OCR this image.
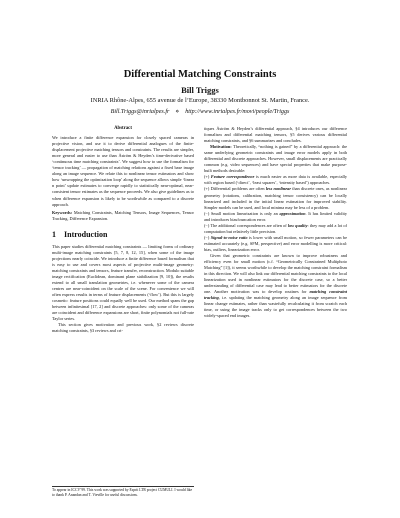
Differential Matching Constraints
Bill Triggs
INRIA Rhône-Alpes, 655 avenue de l’Europe, 38330 Montbonnot St. Martin, France.
Bill.Triggs@inrialpes.fr ⋄ http://www.inrialpes.fr/movi/people/Triggs
Abstract

We introduce a finite difference expansion for closely spaced cameras in projective vision, and use it to derive differential analogues of the finite-displacement projective matching tensors and constraints. The results are simpler, more general and easier to use than Åström & Heyden’s time-derivative based ‘continuous time matching constraints’. We suggest how to use the formalism for ‘tensor tracking’ — propagation of matching relations against a fixed base image along an image sequence. We relate this to nonlinear tensor estimators and show how ‘unwrapping the optimization loop’ along the sequence allows simple ‘linear n point’ update estimates to converge rapidly to statistically near-optimal, near-consistent tensor estimates as the sequence proceeds. We also give guidelines as to when difference expansion is likely to be worthwhile as compared to a discrete approach.

Keywords: Matching Constraints, Matching Tensors, Image Sequences, Tensor Tracking, Difference Expansion.

1 Introduction

This paper studies differential matching constraints — limiting forms of ordinary multi-image matching constraints [5, 7, 8, 12, 15], when some of the image projections nearly coincide. We introduce a finite difference based formalism that is easy to use and covers most aspects of projective multi-image geometry: matching constraints and tensors, feature transfer, reconstruction. Modulo suitable image rectification (Euclidean, dominant plane stabilization [9, 10]), the results extend to all small translation geometries, i.e. whenever some of the camera centres are near-coincident on the scale of the scene. For convenience we will often express results in terms of feature displacements (‘flow’). But this is largely cosmetic: feature positions could equally well be used. Our method spans the gap between infinitesimal [17, 2] and discrete approaches: only some of the cameras are coincident and difference expansions are short, finite polynomials not full-rate Taylor series.

This section gives motivation and previous work, §2 reviews discrete matching constraints, §3 reviews and cri-

To appear in ICCV’99. This work was supported by Esprit LTR project CUMULI. I would like to thank P. Anandan and T. Vieville for useful discussions.

tiques Åström & Heyden’s differential approach, §4 introduces our difference formalism and differential matching tensors, §5 derives various differential matching constraints, and §6 summarizes and concludes.

Motivation: Theoretically, “nothing is gained” by a differential approach: the same underlying geometric constraints and image error models apply in both differential and discrete approaches. However, small displacements are practically common (e.g. video sequences) and have special properties that make purpose-built methods desirable:

(+) Feature correspondence is much easier as more data is available, especially with region based (‘direct’, ‘least squares’, ‘intensity based’) approaches.

(+) Differential problems are often less nonlinear than discrete ones, as nonlinear geometry (rotations, calibration, matching tensor consistency) can be locally linearized and included in the initial linear estimation for improved stability. Simpler models can be used, and local minima may be less of a problem.

(−) Small motion linearization is only an approximation. It has limited validity and introduces bias/truncation error.

(−) The additional correspondences are often of low quality: they may add a lot of computation but relatively little precision.

(−) Signal-to-noise ratio is lower with small motion, so fewer parameters can be estimated accurately (e.g. SFM, perspective) and error modelling is more critical: bias, outliers, linearization error.

Given that geometric constraints are known to improve robustness and efficiency even for small motion (c.f. “Geometrically Constrained Multiphoto Matching” [1]), it seems worthwhile to develop the matching constraint formalism in this direction. We will also link our differential matching constraints to the local linearization used in nonlinear estimators for the discrete case, so a better understanding of differential case may lead to better estimators for the discrete one. Another motivation was to develop routines for matching constraint tracking, i.e. updating the matching geometry along an image sequence from linear change estimates, rather than wastefully recalculating it from scratch each time, or using the image tracks only to get correspondences between the two widely-spaced end images.
